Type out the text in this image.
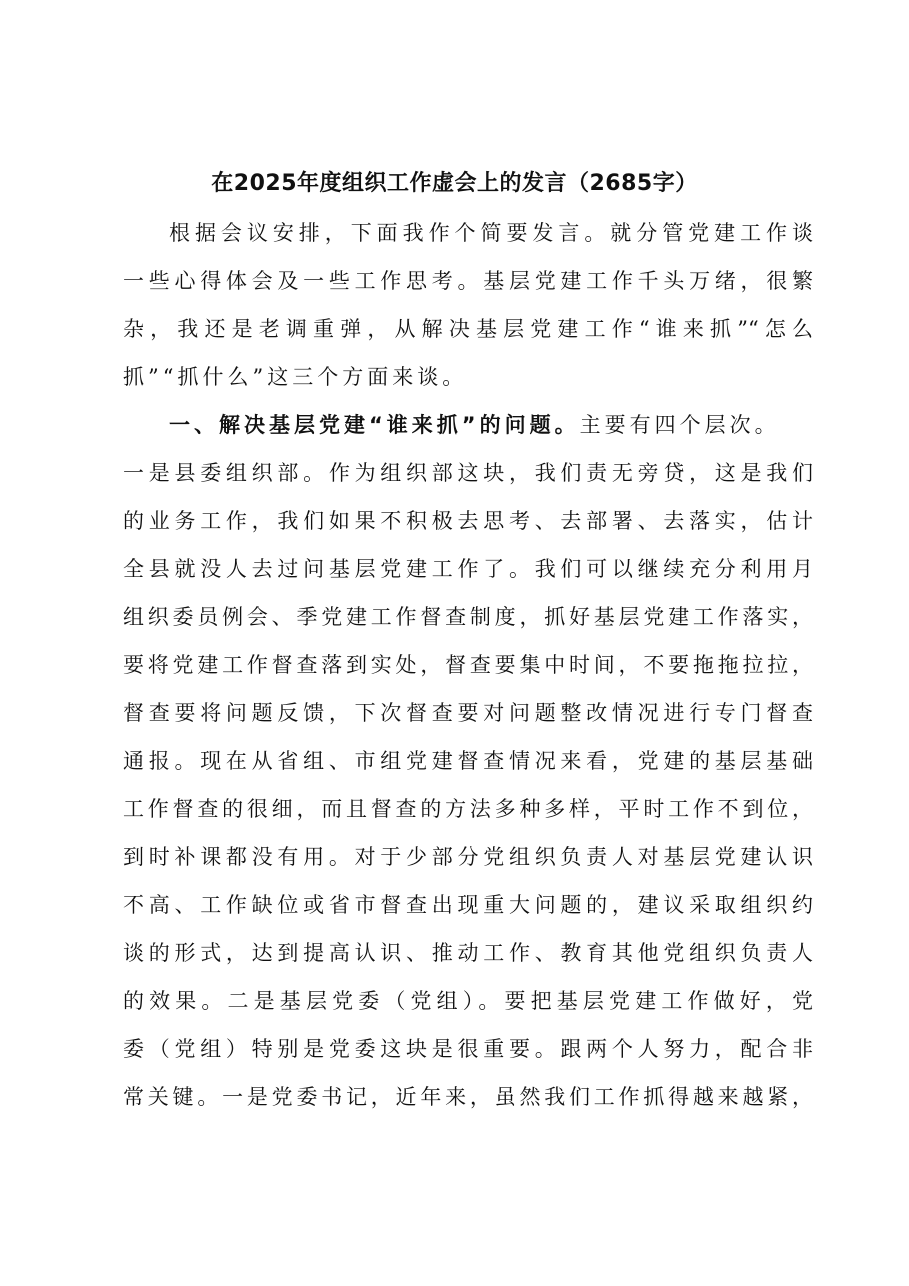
在2025年度组织工作虚会上的发言（2685字）
根据会议安排，下面我作个简要发言。就分管党建工作谈
一些心得体会及一些工作思考。基层党建工作千头万绪，很繁
杂，我还是老调重弹，从解决基层党建工作“谁来抓”“怎么
抓”“抓什么”这三个方面来谈。
一、解决基层党建“谁来抓”的问题。主要有四个层次。
一是县委组织部。作为组织部这块，我们责无旁贷，这是我们
的业务工作，我们如果不积极去思考、去部署、去落实，估计
全县就没人去过问基层党建工作了。我们可以继续充分利用月
组织委员例会、季党建工作督查制度，抓好基层党建工作落实，
要将党建工作督查落到实处，督查要集中时间，不要拖拖拉拉，
督查要将问题反馈，下次督查要对问题整改情况进行专门督查
通报。现在从省组、市组党建督查情况来看，党建的基层基础
工作督查的很细，而且督查的方法多种多样，平时工作不到位，
到时补课都没有用。对于少部分党组织负责人对基层党建认识
不高、工作缺位或省市督查出现重大问题的，建议采取组织约
谈的形式，达到提高认识、推动工作、教育其他党组织负责人
的效果。二是基层党委（党组）。要把基层党建工作做好，党
委（党组）特别是党委这块是很重要。跟两个人努力，配合非
常关键。一是党委书记，近年来，虽然我们工作抓得越来越紧，
